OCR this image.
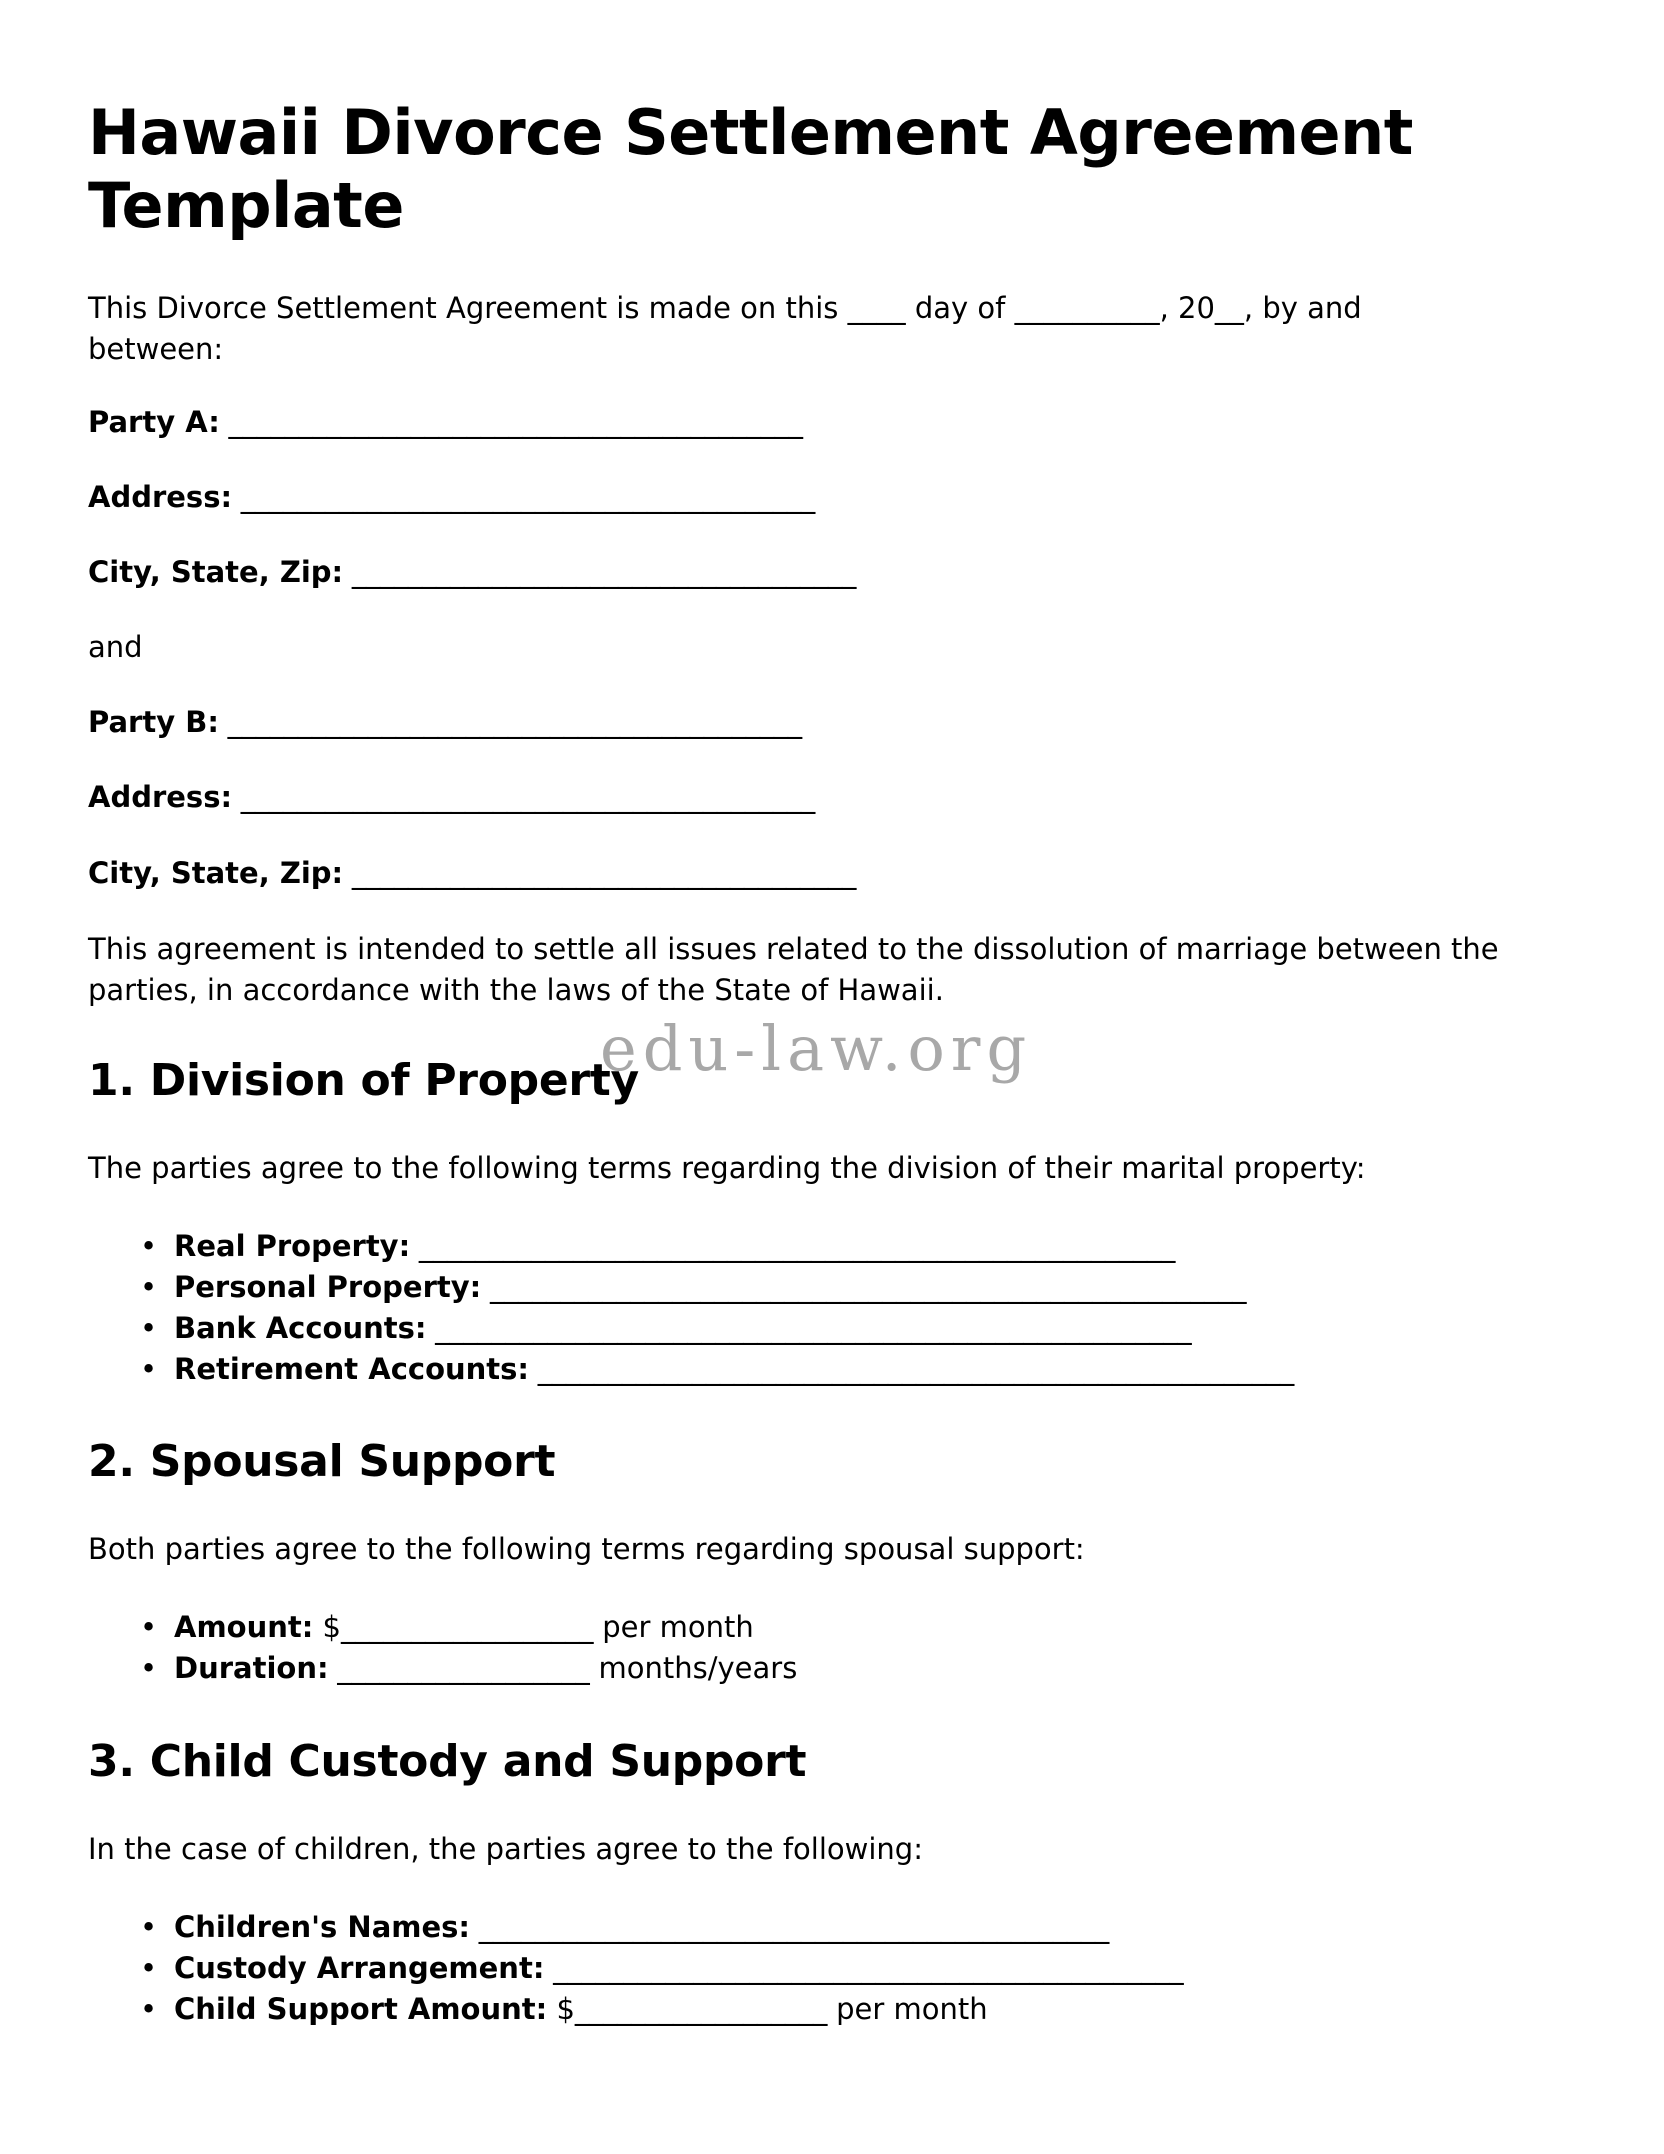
edu-law.org
Hawaii Divorce Settlement Agreement Template

This Divorce Settlement Agreement is made on this ____ day of __________, 20__, by and between:

Party A: _________________________________________
Address: _________________________________________
City, State, Zip: ____________________________________

and

Party B: _________________________________________
Address: _________________________________________
City, State, Zip: ____________________________________

This agreement is intended to settle all issues related to the dissolution of marriage between the parties, in accordance with the laws of the State of Hawaii.

1. Division of Property

The parties agree to the following terms regarding the division of their marital property:

• Real Property: ______________________________________________________
• Personal Property: ______________________________________________________
• Bank Accounts: ______________________________________________________
• Retirement Accounts: ______________________________________________________
2. Spousal Support

Both parties agree to the following terms regarding spousal support:

• Amount: $__________________ per month
• Duration: __________________ months/years
3. Child Custody and Support

In the case of children, the parties agree to the following:

• Children's Names: _____________________________________________
• Custody Arrangement: _____________________________________________
• Child Support Amount: $__________________ per month
